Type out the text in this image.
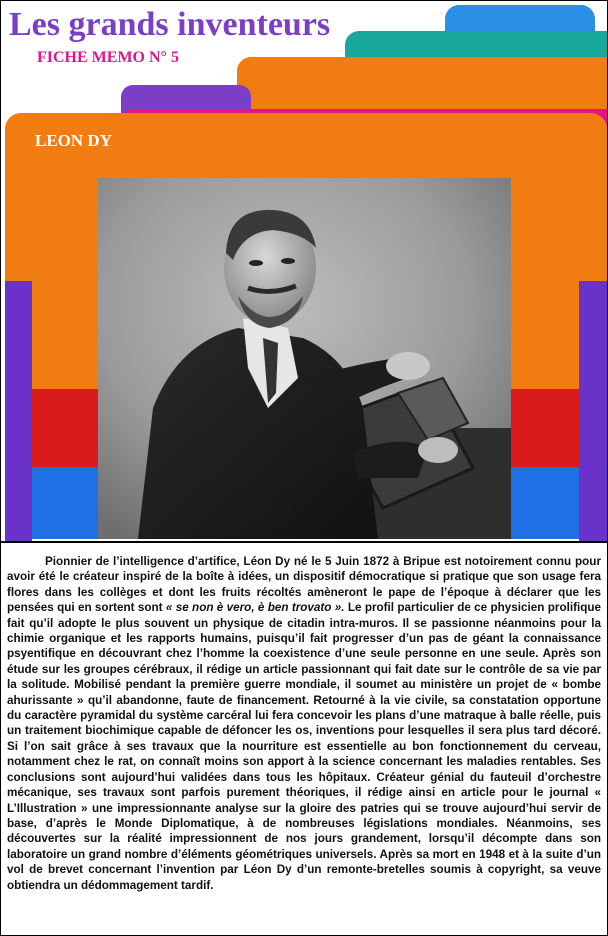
Les grands inventeurs
FICHE MEMO N° 5
LEON DY

Pionnier de l’intelligence d’artifice, Léon Dy né le 5 Juin 1872 à Bripue est notoirement connu pour avoir été le créateur inspiré de la boîte à idées, un dispositif démocratique si pratique que son usage fera flores dans les collèges et dont les fruits récoltés amèneront le pape de l’époque à déclarer que les pensées qui en sortent sont « se non è vero, è ben trovato ». Le profil particulier de ce physicien prolifique fait qu’il adopte le plus souvent un physique de citadin intra-muros. Il se passionne néanmoins pour la chimie organique et les rapports humains, puisqu’il fait progresser d’un pas de géant la connaissance psyentifique en découvrant chez l’homme la coexistence d’une seule personne en une seule. Après son étude sur les groupes cérébraux, il rédige un article passionnant qui fait date sur le contrôle de sa vie par la solitude. Mobilisé pendant la première guerre mondiale, il soumet au ministère un projet de « bombe ahurissante » qu’il abandonne, faute de financement. Retourné à la vie civile, sa constatation opportune du caractère pyramidal du système carcéral lui fera concevoir les plans d’une matraque à balle réelle, puis un traitement biochimique capable de défoncer les os, inventions pour lesquelles il sera plus tard décoré. Si l’on sait grâce à ses travaux que la nourriture est essentielle au bon fonctionnement du cerveau, notamment chez le rat, on connaît moins son apport à la science concernant les maladies rentables. Ses conclusions sont aujourd’hui validées dans tous les hôpitaux. Créateur génial du fauteuil d’orchestre mécanique, ses travaux sont parfois purement théoriques, il rédige ainsi en article pour le journal « L’Illustration » une impressionnante analyse sur la gloire des patries qui se trouve aujourd’hui servir de base, d’après le Monde Diplomatique, à de nombreuses législations mondiales. Néanmoins, ses découvertes sur la réalité impressionnent de nos jours grandement, lorsqu’il décompte dans son laboratoire un grand nombre d’éléments géométriques universels. Après sa mort en 1948 et à la suite d’un vol de brevet concernant l’invention par Léon Dy d’un remonte-bretelles soumis à copyright, sa veuve obtiendra un dédommagement tardif.
